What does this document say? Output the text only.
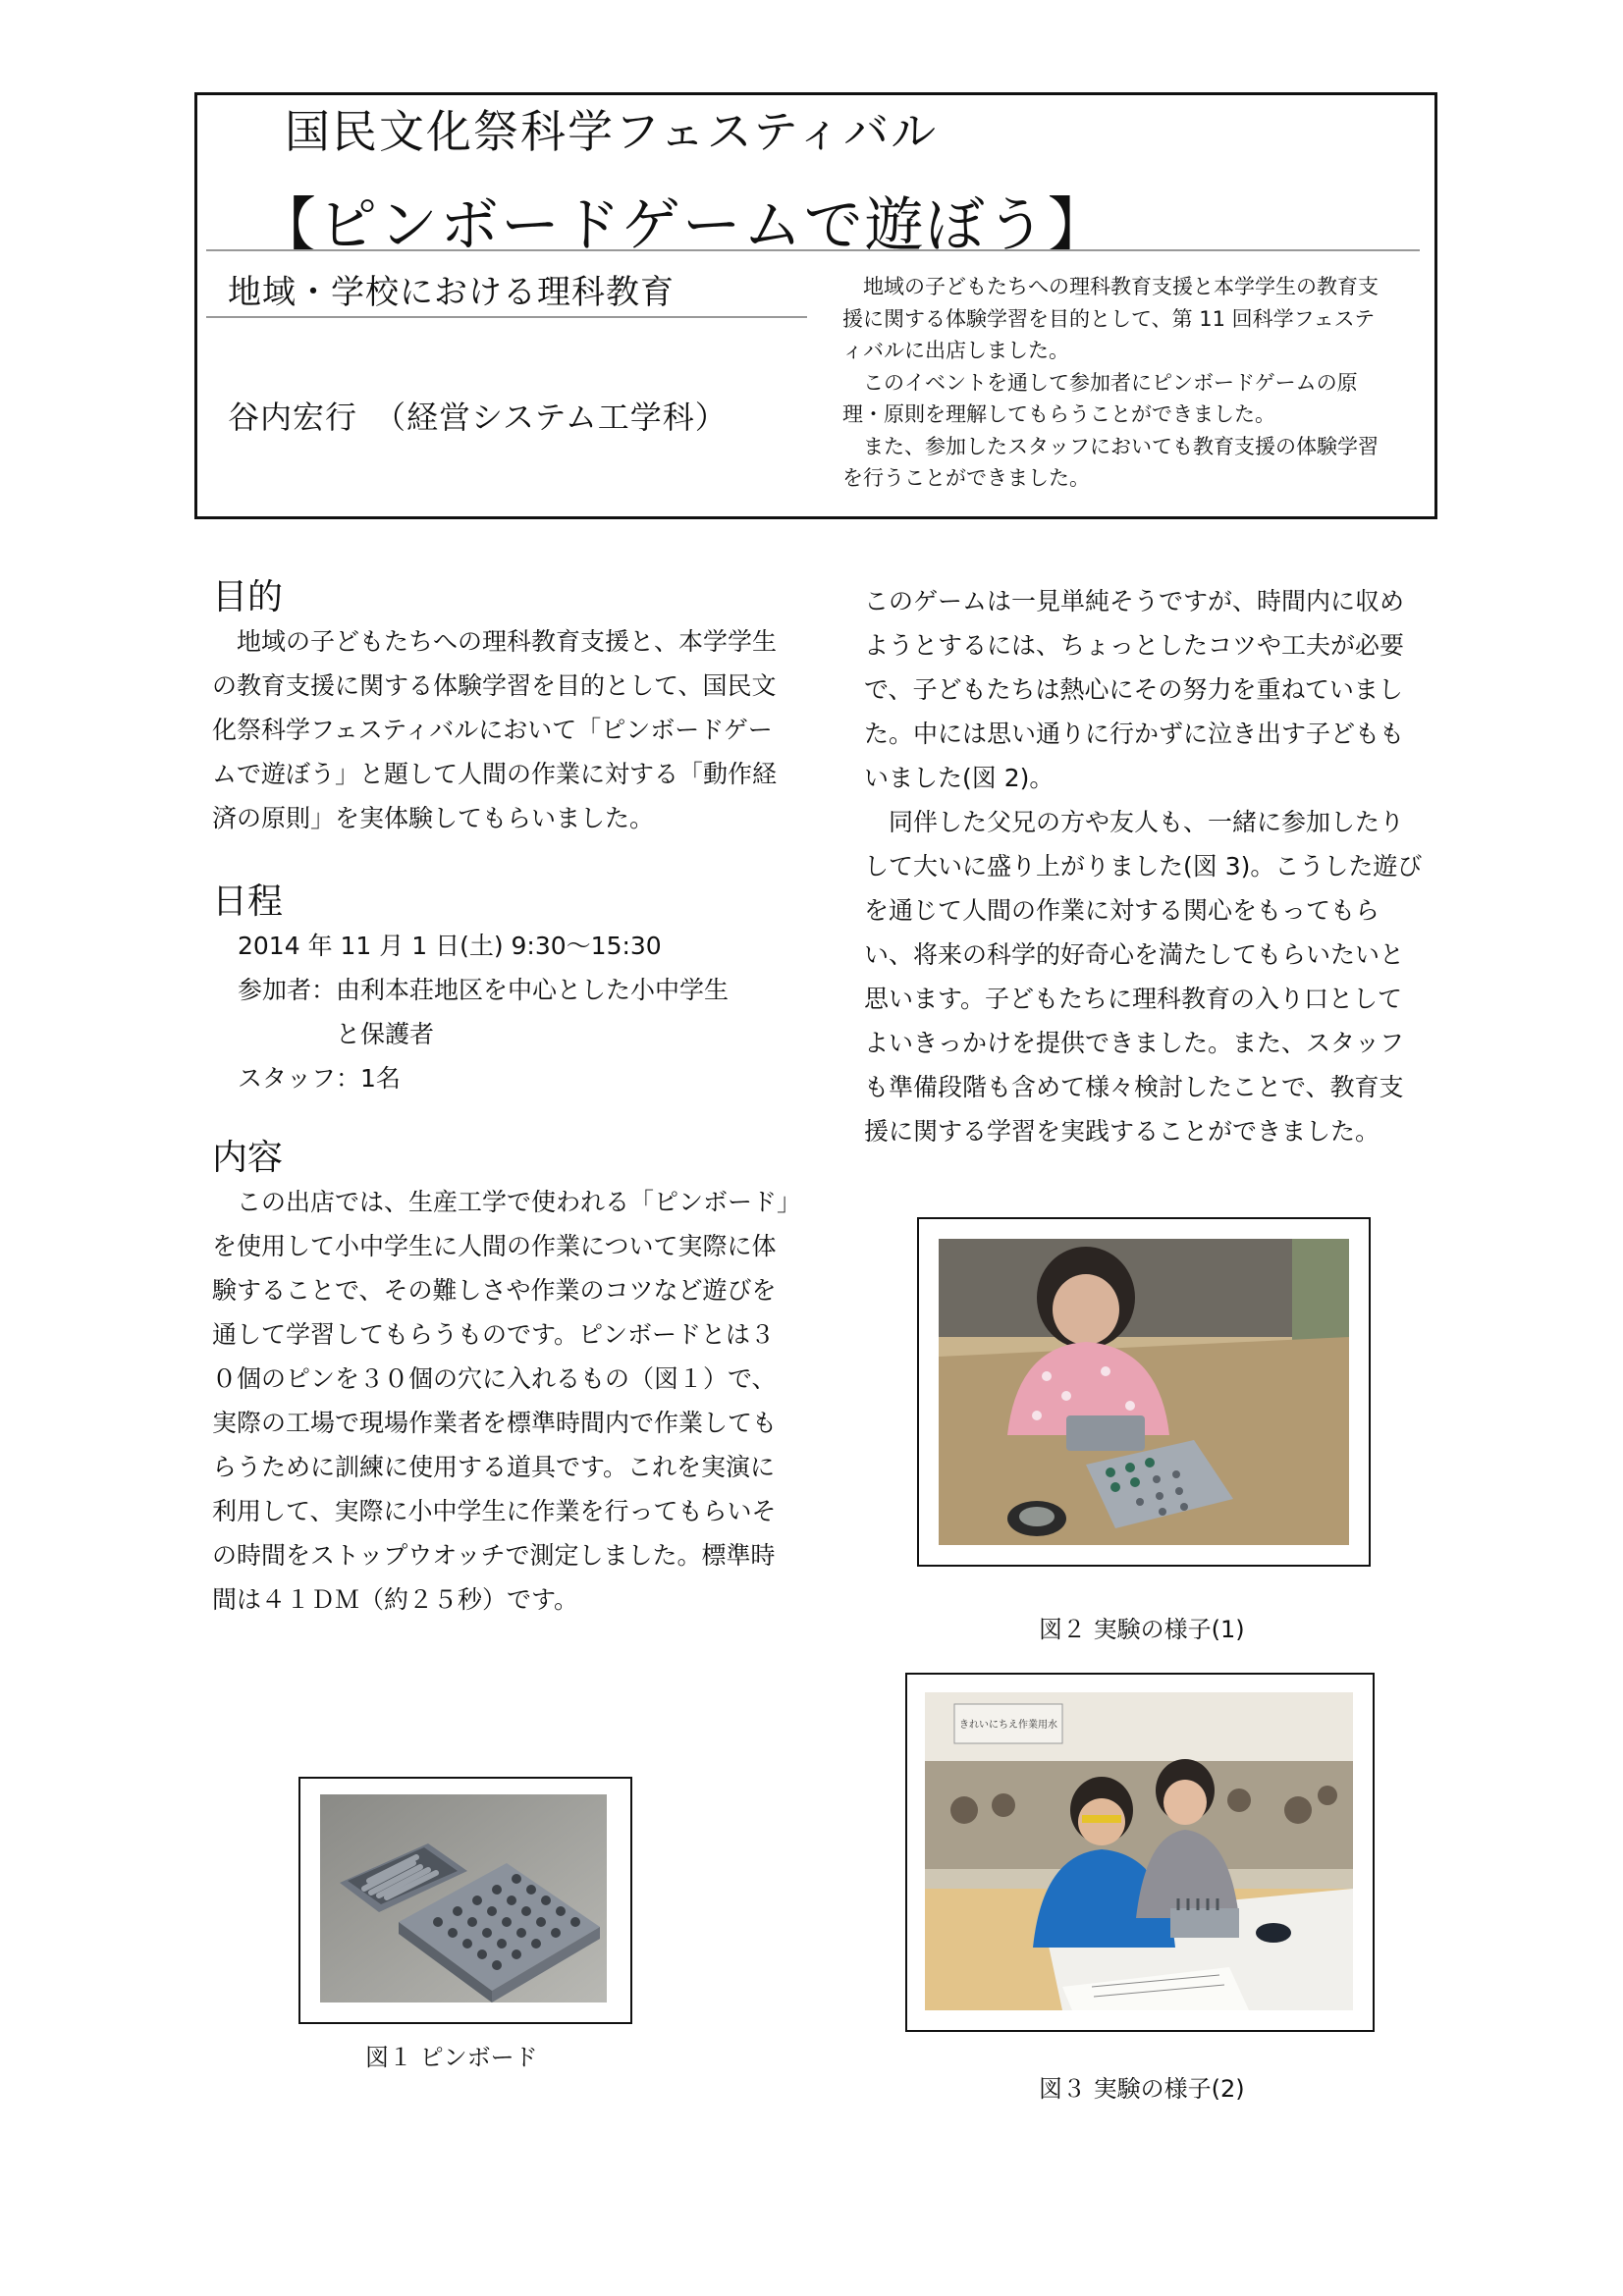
国民文化祭科学フェスティバル
【ピンボードゲームで遊ぼう】
地域・学校における理科教育
谷内宏行　（経営システム工学科）

地域の子どもたちへの理科教育支援と本学学生の教育支援に関する体験学習を目的として、第 11 回科学フェスティバルに出店しました。

このイベントを通して参加者にピンボードゲームの原理・原則を理解してもらうことができました。

また、参加したスタッフにおいても教育支援の体験学習を行うことができました。

目的

地域の子どもたちへの理科教育支援と、本学学生の教育支援に関する体験学習を目的として、国民文化祭科学フェスティバルにおいて「ピンボードゲームで遊ぼう」と題して人間の作業に対する「動作経済の原則」を実体験してもらいました。

日程
2014 年 11 月 1 日(土) 9:30～15:30
参加者： 由利本荘地区を中心とした小中学生
と保護者
スタッフ：1名
内容

この出店では、生産工学で使われる「ピンボード」を使用して小中学生に人間の作業について実際に体験することで、その難しさや作業のコツなど遊びを通して学習してもらうものです。ピンボードとは３０個のピンを３０個の穴に入れるもの（図１）で、実際の工場で現場作業者を標準時間内で作業してもらうために訓練に使用する道具です。これを実演に利用して、実際に小中学生に作業を行ってもらいその時間をストップウオッチで測定しました。標準時間は４１ＤＭ（約２５秒）です。

このゲームは一見単純そうですが、時間内に収めようとするには、ちょっとしたコツや工夫が必要で、子どもたちは熱心にその努力を重ねていました。中には思い通りに行かずに泣き出す子どももいました(図 2)。

同伴した父兄の方や友人も、一緒に参加したりして大いに盛り上がりました(図 3)。こうした遊びを通じて人間の作業に対する関心をもってもらい、将来の科学的好奇心を満たしてもらいたいと思います。子どもたちに理科教育の入り口としてよいきっかけを提供できました。また、スタッフも準備段階も含めて様々検討したことで、教育支援に関する学習を実践することができました。

図１ ピンボード
図２ 実験の様子(1)
きれいにちえ作業用水
図３ 実験の様子(2)
